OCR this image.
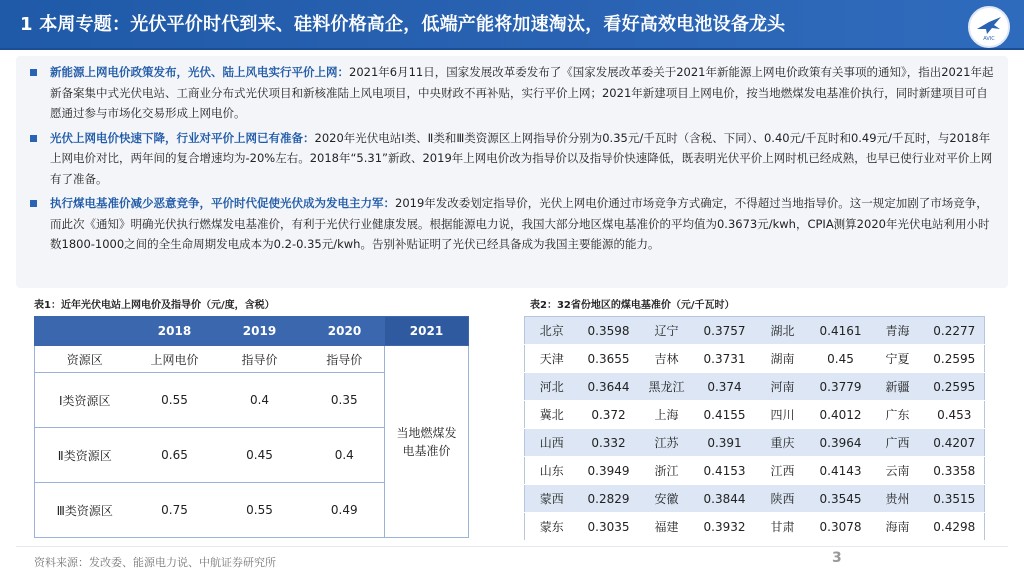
1 本周专题：光伏平价时代到来、硅料价格高企，低端产能将加速淘汰，看好高效电池设备龙头
AVIC
新能源上网电价政策发布，光伏、陆上风电实行平价上网：2021年6月11日，国家发展改革委发布了《国家发展改革委关于2021年新能源上网电价政策有关事项的通知》，指出2021年起新备案集中式光伏电站、工商业分布式光伏项目和新核准陆上风电项目，中央财政不再补贴，实行平价上网；2021年新建项目上网电价，按当地燃煤发电基准价执行，同时新建项目可自愿通过参与市场化交易形成上网电价。
光伏上网电价快速下降，行业对平价上网已有准备：2020年光伏电站Ⅰ类、Ⅱ类和Ⅲ类资源区上网指导价分别为0.35元/千瓦时（含税、下同）、0.40元/千瓦时和0.49元/千瓦时，与2018年上网电价对比，两年间的复合增速均为-20%左右。2018年“5.31”新政、2019年上网电价改为指导价以及指导价快速降低，既表明光伏平价上网时机已经成熟，也早已使行业对平价上网有了准备。
执行煤电基准价减少恶意竞争，平价时代促使光伏成为发电主力军：2019年发改委划定指导价，光伏上网电价通过市场竞争方式确定，不得超过当地指导价。这一规定加剧了市场竞争，而此次《通知》明确光伏执行燃煤发电基准价，有利于光伏行业健康发展。根据能源电力说，我国大部分地区煤电基准价的平均值为0.3673元/kwh，CPIA测算2020年光伏电站利用小时数1800-1000之间的全生命周期发电成本为0.2-0.35元/kwh。告别补贴证明了光伏已经具备成为我国主要能源的能力。
表1：近年光伏电站上网电价及指导价（元/度，含税）	表2：32省份地区的煤电基准价（元/千瓦时）
	2018	2019	2020	2021
资源区	上网电价	指导价	指导价	当地燃煤发电基准价
Ⅰ类资源区	0.55	0.4	0.35	
Ⅱ类资源区	0.65	0.45	0.4	
Ⅲ类资源区	0.75	0.55	0.49	
北京	0.3598	辽宁	0.3757	湖北	0.4161	青海	0.2277
天津	0.3655	吉林	0.3731	湖南	0.45	宁夏	0.2595
河北	0.3644	黑龙江	0.374	河南	0.3779	新疆	0.2595
冀北	0.372	上海	0.4155	四川	0.4012	广东	0.453
山西	0.332	江苏	0.391	重庆	0.3964	广西	0.4207
山东	0.3949	浙江	0.4153	江西	0.4143	云南	0.3358
蒙西	0.2829	安徽	0.3844	陕西	0.3545	贵州	0.3515
蒙东	0.3035	福建	0.3932	甘肃	0.3078	海南	0.4298
资料来源：发改委、能源电力说、中航证券研究所	3
